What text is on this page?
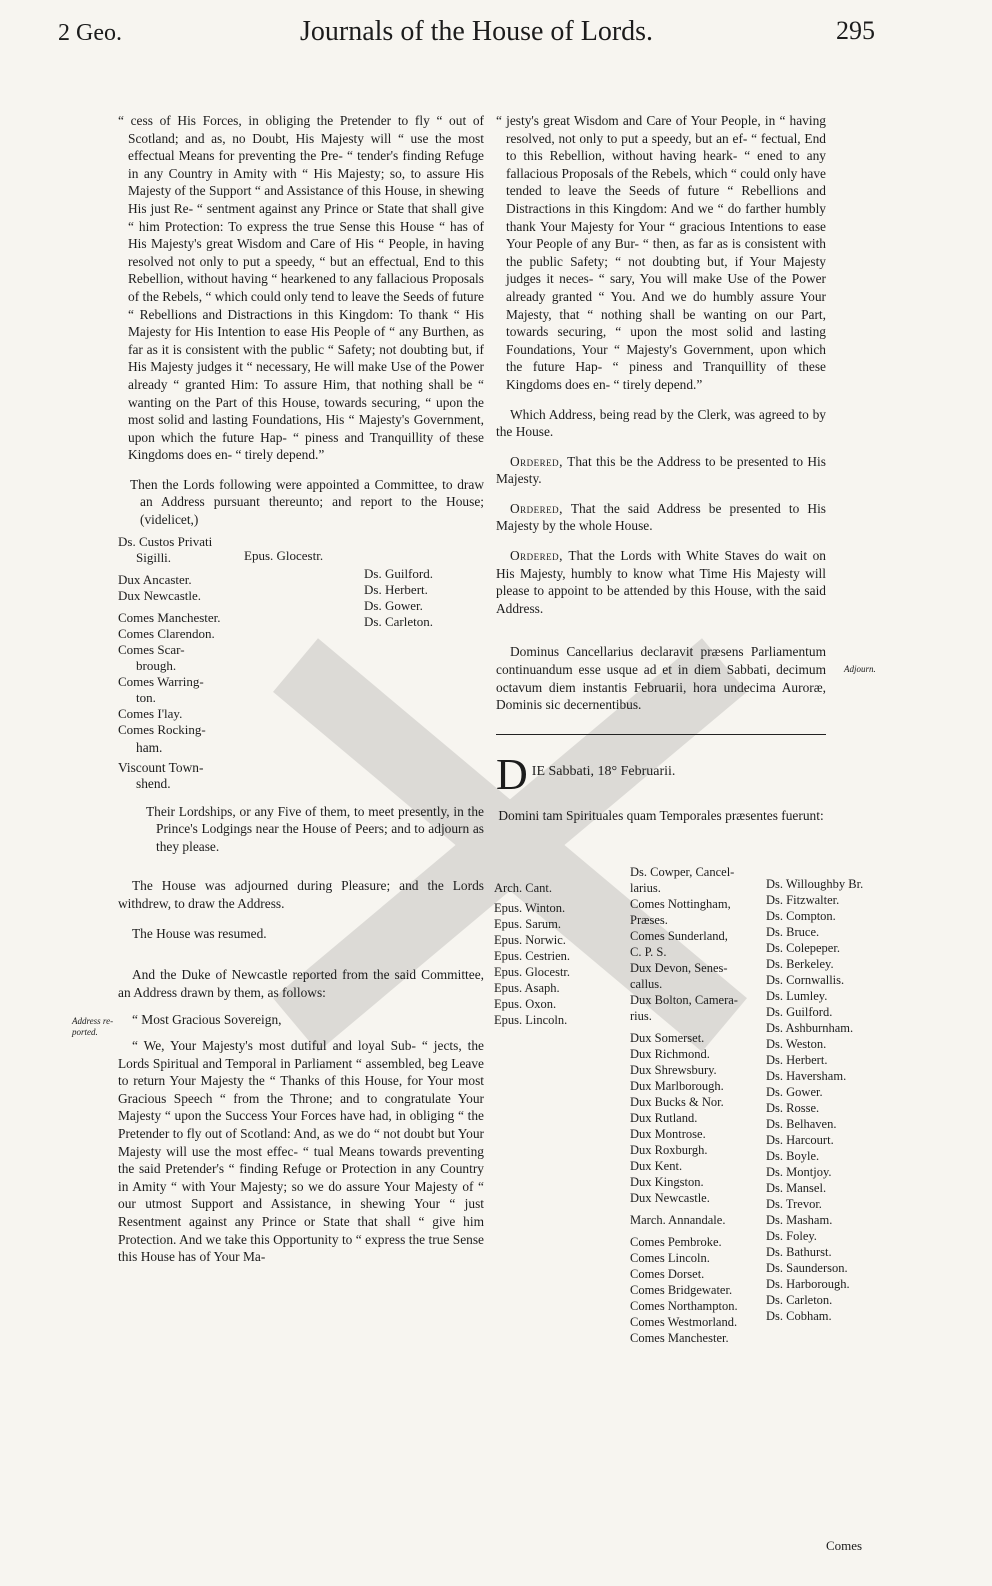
2 Geo.	Journals of the House of Lords.	295

“ cess of His Forces, in obliging the Pretender to fly “ out of Scotland; and as, no Doubt, His Majesty will “ use the most effectual Means for preventing the Pre- “ tender's finding Refuge in any Country in Amity with “ His Majesty; so, to assure His Majesty of the Support “ and Assistance of this House, in shewing His just Re- “ sentment against any Prince or State that shall give “ him Protection: To express the true Sense this House “ has of His Majesty's great Wisdom and Care of His “ People, in having resolved not only to put a speedy, “ but an effectual, End to this Rebellion, without having “ hearkened to any fallacious Proposals of the Rebels, “ which could only tend to leave the Seeds of future “ Rebellions and Distractions in this Kingdom: To thank “ His Majesty for His Intention to ease His People of “ any Burthen, as far as it is consistent with the public “ Safety; not doubting but, if His Majesty judges it “ necessary, He will make Use of the Power already “ granted Him: To assure Him, that nothing shall be “ wanting on the Part of this House, towards securing, “ upon the most solid and lasting Foundations, His “ Majesty's Government, upon which the future Hap- “ piness and Tranquillity of these Kingdoms does en- “ tirely depend.”

Then the Lords following were appointed a Committee, to draw an Address pursuant thereunto; and report to the House; (videlicet,)

Ds. Custos Privati
Sigilli.
Dux Ancaster.
Dux Newcastle.
Comes Manchester.
Comes Clarendon.
Comes Scar-
brough.
Comes Warring-
ton.
Comes I'lay.
Comes Rocking-
Epus. Glocestr.
Ds. Guilford.
Ds. Herbert.
Ds. Gower.
Ds. Carleton.
ham.
Viscount Town-
shend.

Their Lordships, or any Five of them, to meet presently, in the Prince's Lodgings near the House of Peers; and to adjourn as they please.

The House was adjourned during Pleasure; and the Lords withdrew, to draw the Address.

The House was resumed.

And the Duke of Newcastle reported from the said Committee, an Address drawn by them, as follows:

“ Most Gracious Sovereign,

“ We, Your Majesty's most dutiful and loyal Sub- “ jects, the Lords Spiritual and Temporal in Parliament “ assembled, beg Leave to return Your Majesty the “ Thanks of this House, for Your most Gracious Speech “ from the Throne; and to congratulate Your Majesty “ upon the Success Your Forces have had, in obliging “ the Pretender to fly out of Scotland: And, as we do “ not doubt but Your Majesty will use the most effec- “ tual Means towards preventing the said Pretender's “ finding Refuge or Protection in any Country in Amity “ with Your Majesty; so we do assure Your Majesty of “ our utmost Support and Assistance, in shewing Your “ just Resentment against any Prince or State that shall “ give him Protection. And we take this Opportunity to “ express the true Sense this House has of Your Ma-

Address re- ported.

“ jesty's great Wisdom and Care of Your People, in “ having resolved, not only to put a speedy, but an ef- “ fectual, End to this Rebellion, without having heark- “ ened to any fallacious Proposals of the Rebels, which “ could only have tended to leave the Seeds of future “ Rebellions and Distractions in this Kingdom: And we “ do farther humbly thank Your Majesty for Your “ gracious Intentions to ease Your People of any Bur- “ then, as far as is consistent with the public Safety; “ not doubting but, if Your Majesty judges it neces- “ sary, You will make Use of the Power already granted “ You. And we do humbly assure Your Majesty, that “ nothing shall be wanting on our Part, towards securing, “ upon the most solid and lasting Foundations, Your “ Majesty's Government, upon which the future Hap- “ piness and Tranquillity of these Kingdoms does en- “ tirely depend.”

Which Address, being read by the Clerk, was agreed to by the House.

Ordered, That this be the Address to be presented to His Majesty.

Ordered, That the said Address be presented to His Majesty by the whole House.

Ordered, That the Lords with White Staves do wait on His Majesty, humbly to know what Time His Majesty will please to appoint to be attended by this House, with the said Address.

Dominus Cancellarius declaravit præsens Parliamentum continuandum esse usque ad et in diem Sabbati, decimum octavum diem instantis Februarii, hora undecima Auroræ, Dominis sic decernentibus.

DIE Sabbati, 18° Februarii.

Domini tam Spirituales quam Temporales præsentes fuerunt:

Adjourn.
Arch. Cant.
Epus. Winton.
Epus. Sarum.
Epus. Norwic.
Epus. Cestrien.
Epus. Glocestr.
Epus. Asaph.
Epus. Oxon.
Epus. Lincoln.
Ds. Cowper, Cancel-
larius.
Comes Nottingham,
Præses.
Comes Sunderland,
C. P. S.
Dux Devon, Senes-
callus.
Dux Bolton, Camera-
rius.
Dux Somerset.
Dux Richmond.
Dux Shrewsbury.
Dux Marlborough.
Dux Bucks & Nor.
Dux Rutland.
Dux Montrose.
Dux Roxburgh.
Dux Kent.
Dux Kingston.
Dux Newcastle.
March. Annandale.
Comes Pembroke.
Comes Lincoln.
Comes Dorset.
Comes Bridgewater.
Comes Northampton.
Comes Westmorland.
Comes Manchester.
Ds. Willoughby Br.
Ds. Fitzwalter.
Ds. Compton.
Ds. Bruce.
Ds. Colepeper.
Ds. Berkeley.
Ds. Cornwallis.
Ds. Lumley.
Ds. Guilford.
Ds. Ashburnham.
Ds. Weston.
Ds. Herbert.
Ds. Haversham.
Ds. Gower.
Ds. Rosse.
Ds. Belhaven.
Ds. Harcourt.
Ds. Boyle.
Ds. Montjoy.
Ds. Mansel.
Ds. Trevor.
Ds. Masham.
Ds. Foley.
Ds. Bathurst.
Ds. Saunderson.
Ds. Harborough.
Ds. Carleton.
Ds. Cobham.
Comes
